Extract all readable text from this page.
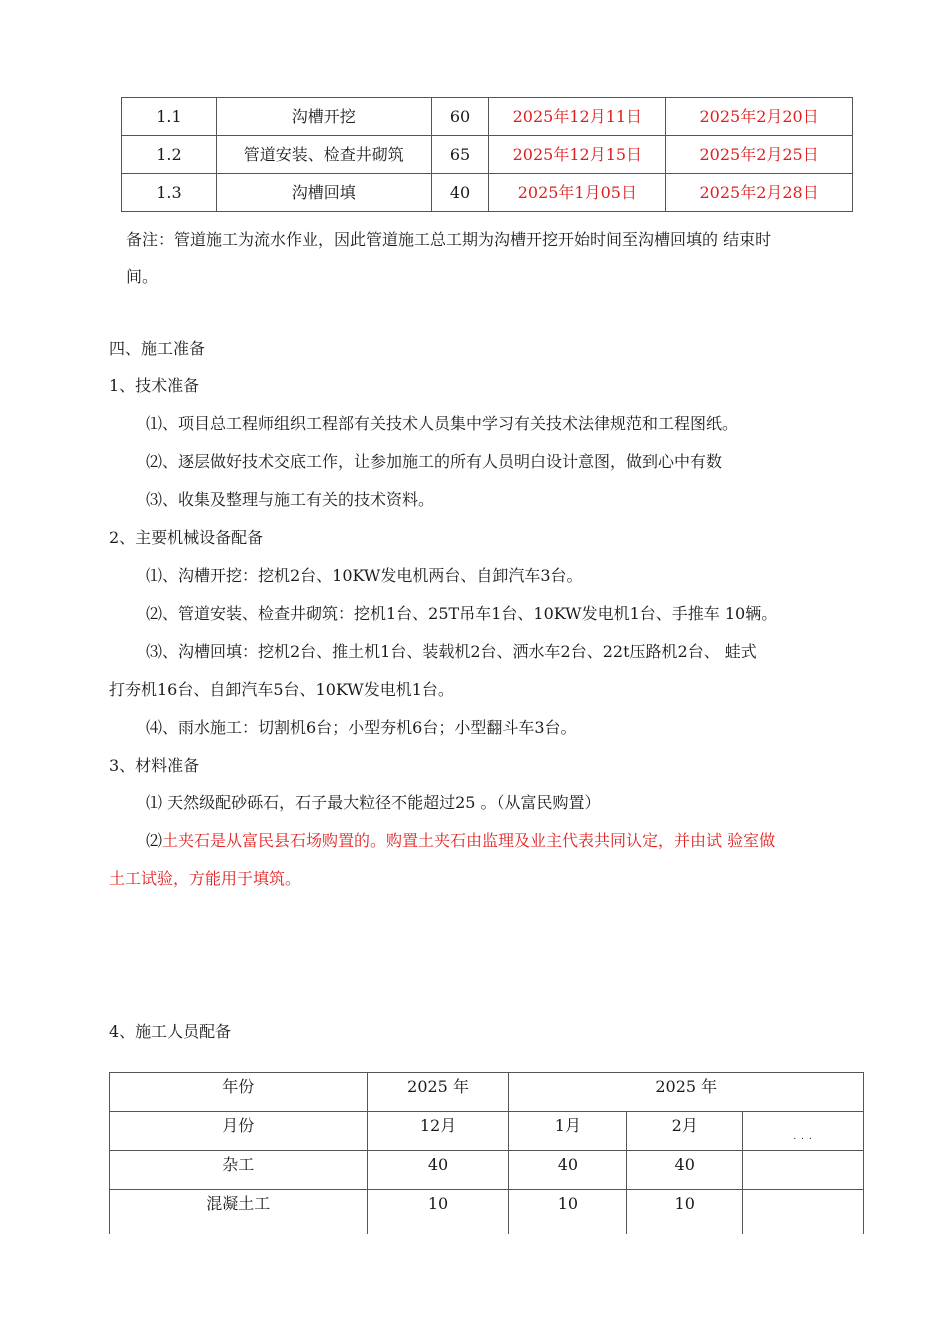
1.1	沟槽开挖	60	2025年12月11日	2025年2月20日
1.2	管道安装、检查井砌筑	65	2025年12月15日	2025年2月25日
1.3	沟槽回填	40	2025年1月05日	2025年2月28日
备注：管道施工为流水作业，因此管道施工总工期为沟槽开挖开始时间至沟槽回填的 结束时
间。
四、施工准备
1、技术准备
⑴、项目总工程师组织工程部有关技术人员集中学习有关技术法律规范和工程图纸。
⑵、逐层做好技术交底工作，让参加施工的所有人员明白设计意图，做到心中有数
⑶、收集及整理与施工有关的技术资料。
2、主要机械设备配备
⑴、沟槽开挖：挖机2台、10KW发电机两台、自卸汽车3台。
⑵、管道安装、检查井砌筑：挖机1台、25T吊车1台、10KW发电机1台、手推车 10辆。
⑶、沟槽回填：挖机2台、推土机1台、装载机2台、洒水车2台、22t压路机2台、 蛙式
打夯机16台、自卸汽车5台、10KW发电机1台。
⑷、雨水施工：切割机6台；小型夯机6台；小型翻斗车3台。
3、材料准备
⑴ 天然级配砂砾石，石子最大粒径不能超过25 。（从富民购置）
⑵土夹石是从富民县石场购置的。购置土夹石由监理及业主代表共同认定，并由试 验室做
土工试验，方能用于填筑。
4、施工人员配备
年份	2025 年	2025 年		
月份	12月	1月	2月	. . .
杂工	40	40	40	
混凝土工	10	10	10	
